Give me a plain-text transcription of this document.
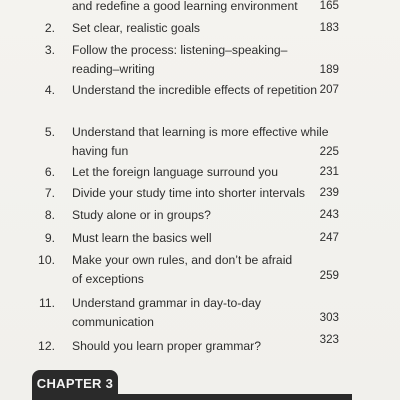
and redefine a good learning environment	165
2. Set clear, realistic goals	183
3. Follow the process: listening–speaking–
reading–writing	189
4. Understand the incredible effects of repetition 207
5. Understand that learning is more effective while
having fun	225
6. Let the foreign language surround you	231
7. Divide your study time into shorter intervals	239
8. Study alone or in groups?	243
9. Must learn the basics well	247
10. Make your own rules, and don’t be afraid
of exceptions	259
11. Understand grammar in day-to-day
communication	303
12. Should you learn proper grammar?	323
CHAPTER 3
